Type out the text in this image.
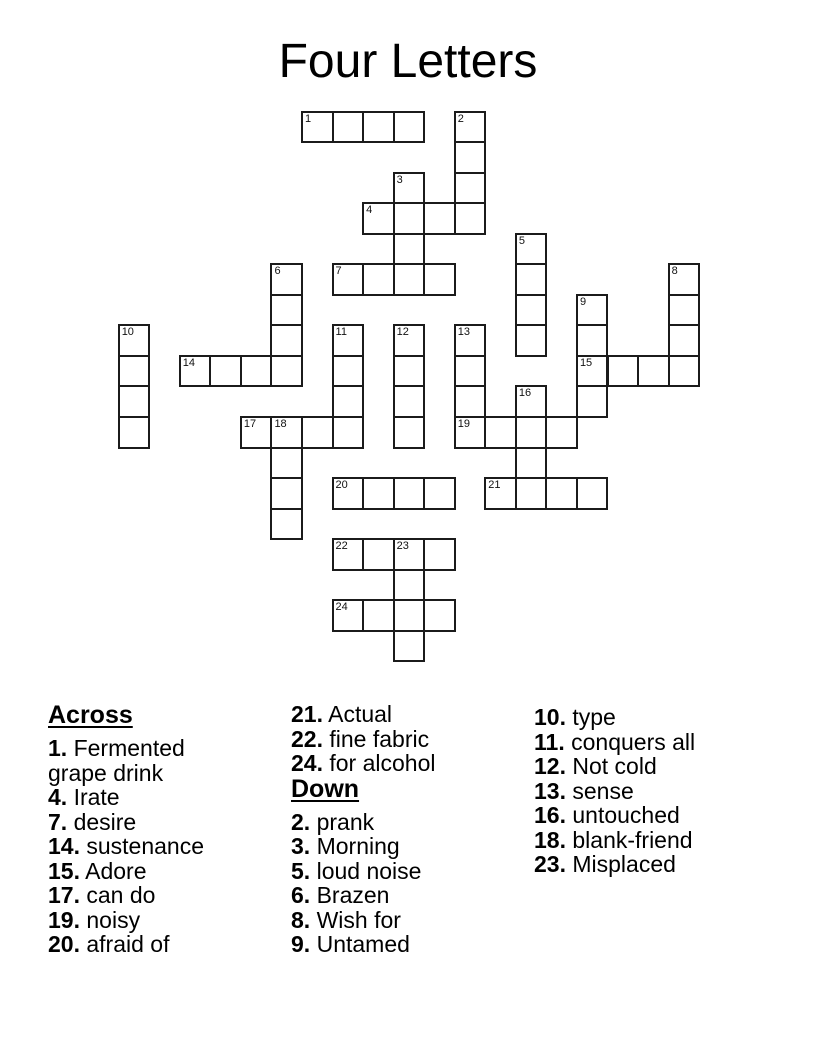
Four Letters
1	2
3
4
5
6	7	8
9
15
10	11	12	13
19
14
16
17 18
20	21
22	23
24
Across
1. Fermented grape drink
4. Irate
7. desire
14. sustenance
15. Adore
17. can do
19. noisy
20. afraid of
21. Actual
22. fine fabric
24. for alcohol
Down
2. prank
3. Morning
5. loud noise
6. Brazen
8. Wish for
9. Untamed
10. type
11. conquers all
12. Not cold
13. sense
16. untouched
18. blank-friend
23. Misplaced
